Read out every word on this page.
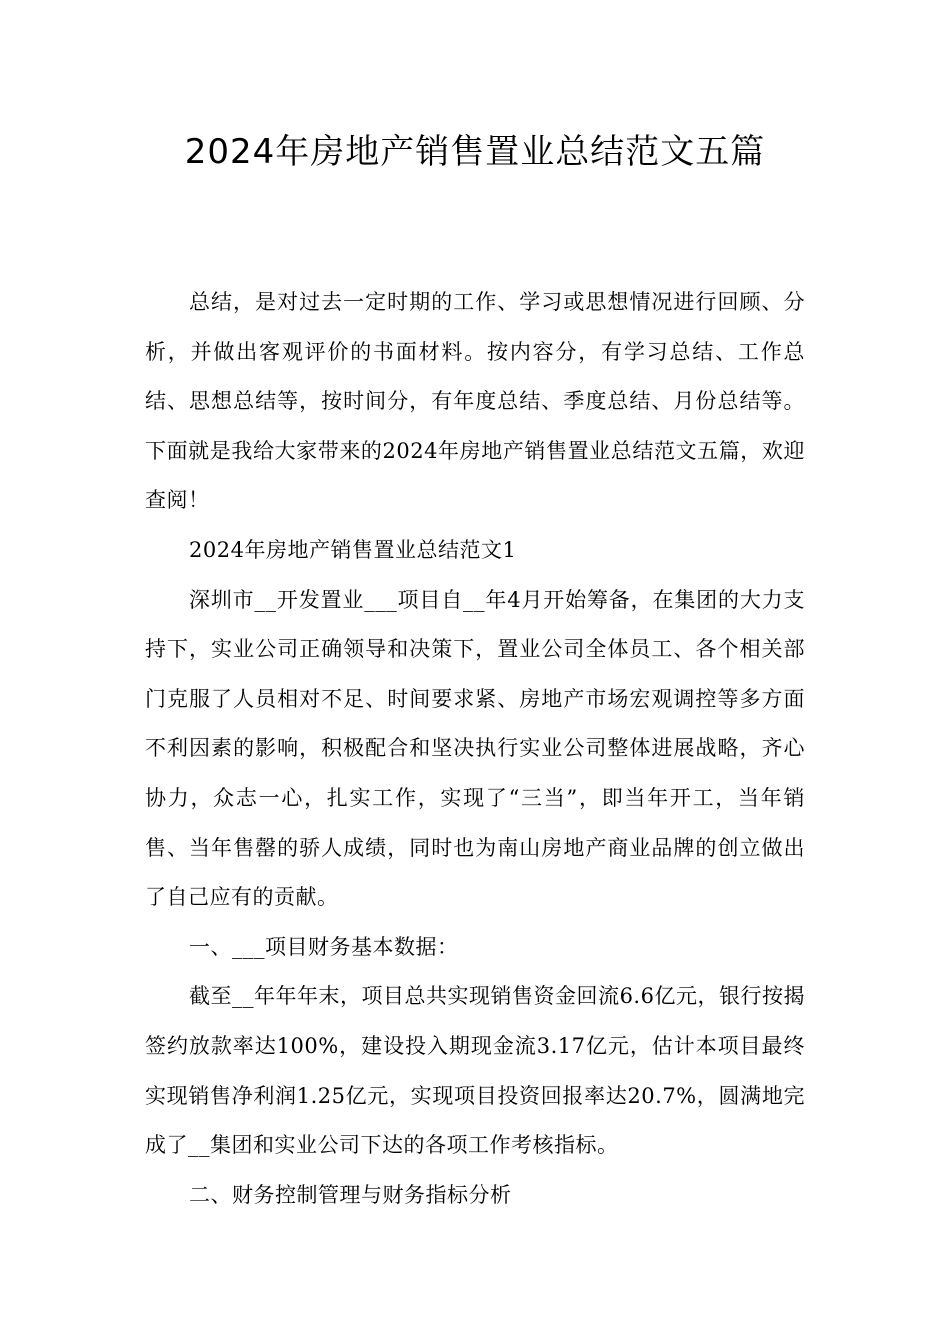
2024年房地产销售置业总结范文五篇

总结，是对过去一定时期的工作、学习或思想情况进行回顾、分析，并做出客观评价的书面材料。按内容分，有学习总结、工作总结、思想总结等，按时间分，有年度总结、季度总结、月份总结等。下面就是我给大家带来的2024年房地产销售置业总结范文五篇，欢迎查阅！

2024年房地产销售置业总结范文1

深圳市__开发置业___项目自__年4月开始筹备，在集团的大力支持下，实业公司正确领导和决策下，置业公司全体员工、各个相关部门克服了人员相对不足、时间要求紧、房地产市场宏观调控等多方面不利因素的影响，积极配合和坚决执行实业公司整体进展战略，齐心协力，众志一心，扎实工作，实现了“三当”，即当年开工，当年销售、当年售罄的骄人成绩，同时也为南山房地产商业品牌的创立做出了自己应有的贡献。

一、___项目财务基本数据：

截至__年年年末，项目总共实现销售资金回流6.6亿元，银行按揭签约放款率达100%，建设投入期现金流3.17亿元，估计本项目最终实现销售净利润1.25亿元，实现项目投资回报率达20.7%，圆满地完成了__集团和实业公司下达的各项工作考核指标。

二、财务控制管理与财务指标分析
